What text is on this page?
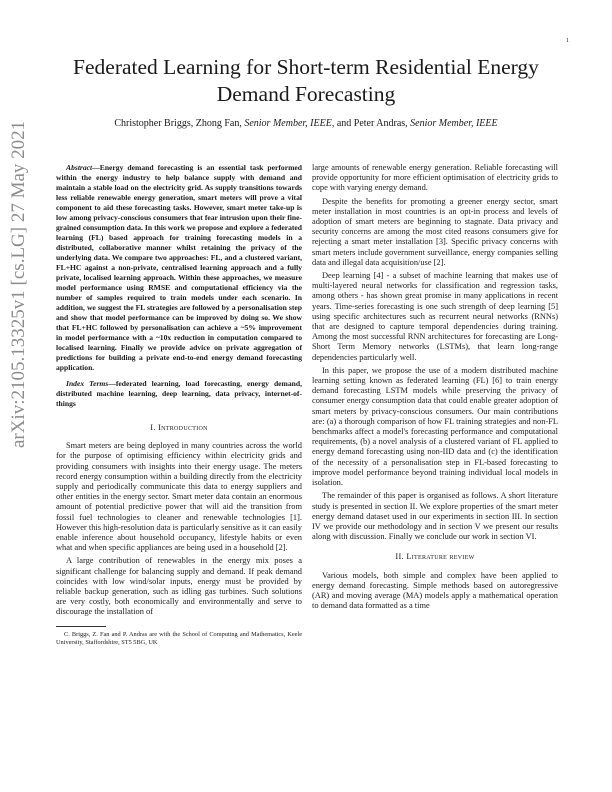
1
arXiv:2105.13325v1 [cs.LG] 27 May 2021
Federated Learning for Short-term Residential Energy Demand Forecasting
Christopher Briggs, Zhong Fan, Senior Member, IEEE, and Peter Andras, Senior Member, IEEE

Abstract—Energy demand forecasting is an essential task performed within the energy industry to help balance supply with demand and maintain a stable load on the electricity grid. As supply transitions towards less reliable renewable energy generation, smart meters will prove a vital component to aid these forecasting tasks. However, smart meter take-up is low among privacy-conscious consumers that fear intrusion upon their fine-grained consumption data. In this work we propose and explore a federated learning (FL) based approach for training forecasting models in a distributed, collaborative manner whilst retaining the privacy of the underlying data. We compare two approaches: FL, and a clustered variant, FL+HC against a non-private, centralised learning approach and a fully private, localised learning approach. Within these approaches, we measure model performance using RMSE and computational efficiency via the number of samples required to train models under each scenario. In addition, we suggest the FL strategies are followed by a personalisation step and show that model performance can be improved by doing so. We show that FL+HC followed by personalisation can achieve a ~5% improvement in model performance with a ~10x reduction in computation compared to localised learning. Finally we provide advice on private aggregation of predictions for building a private end-to-end energy demand forecasting application.

Index Terms—federated learning, load forecasting, energy demand, distributed machine learning, deep learning, data privacy, internet-of-things

I. Introduction

Smart meters are being deployed in many countries across the world for the purpose of optimising efficiency within electricity grids and providing consumers with insights into their energy usage. The meters record energy consumption within a building directly from the electricity supply and periodically communicate this data to energy suppliers and other entities in the energy sector. Smart meter data contain an enormous amount of potential predictive power that will aid the transition from fossil fuel technologies to cleaner and renewable technologies [1]. However this high-resolution data is particularly sensitive as it can easily enable inference about household occupancy, lifestyle habits or even what and when specific appliances are being used in a household [2].

A large contribution of renewables in the energy mix poses a significant challenge for balancing supply and demand. If peak demand coincides with low wind/solar inputs, energy must be provided by reliable backup generation, such as idling gas turbines. Such solutions are very costly, both economically and environmentally and serve to discourage the installation of

C. Briggs, Z. Fan and P. Andras are with the School of Computing and Mathematics, Keele University, Staffordshire, ST5 5BG, UK

large amounts of renewable energy generation. Reliable forecasting will provide opportunity for more efficient optimisation of electricity grids to cope with varying energy demand.

Despite the benefits for promoting a greener energy sector, smart meter installation in most countries is an opt-in process and levels of adoption of smart meters are beginning to stagnate. Data privacy and security concerns are among the most cited reasons consumers give for rejecting a smart meter installation [3]. Specific privacy concerns with smart meters include government surveillance, energy companies selling data and illegal data acquisition/use [2].

Deep learning [4] - a subset of machine learning that makes use of multi-layered neural networks for classification and regression tasks, among others - has shown great promise in many applications in recent years. Time-series forecasting is one such strength of deep learning [5] using specific architectures such as recurrent neural networks (RNNs) that are designed to capture temporal dependencies during training. Among the most successful RNN architectures for forecasting are Long-Short Term Memory networks (LSTMs), that learn long-range dependencies particularly well.

In this paper, we propose the use of a modern distributed machine learning setting known as federated learning (FL) [6] to train energy demand forecasting LSTM models while preserving the privacy of consumer energy consumption data that could enable greater adoption of smart meters by privacy-conscious consumers. Our main contributions are: (a) a thorough comparison of how FL training strategies and non-FL benchmarks affect a model's forecasting performance and computational requirements, (b) a novel analysis of a clustered variant of FL applied to energy demand forecasting using non-IID data and (c) the identification of the necessity of a personalisation step in FL-based forecasting to improve model performance beyond training individual local models in isolation.

The remainder of this paper is organised as follows. A short literature study is presented in section II. We explore properties of the smart meter energy demand dataset used in our experiments in section III. In section IV we provide our methodology and in section V we present our results along with discussion. Finally we conclude our work in section VI.

II. Literature review

Various models, both simple and complex have been applied to energy demand forecasting. Simple methods based on autoregressive (AR) and moving average (MA) models apply a mathematical operation to demand data formatted as a time
